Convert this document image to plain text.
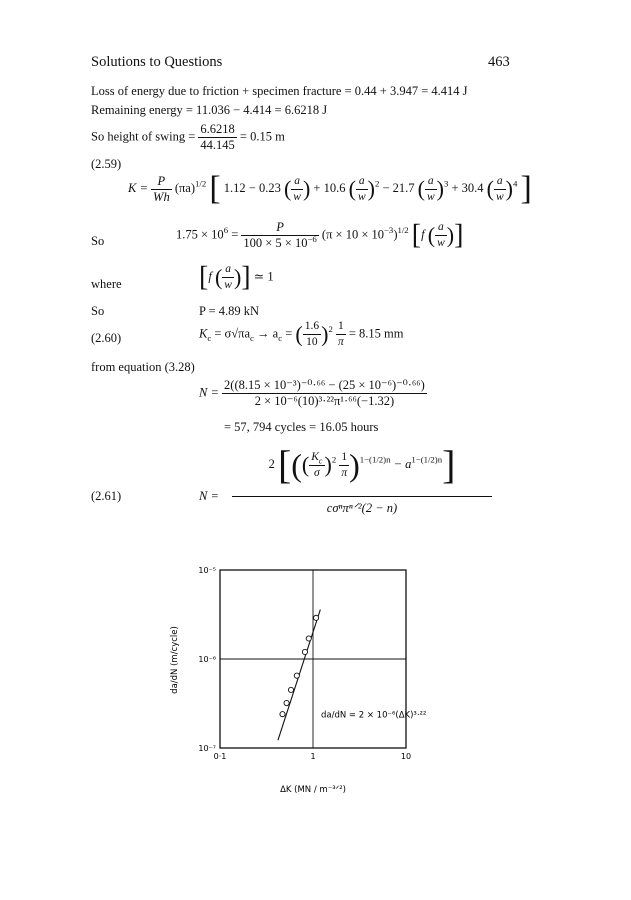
Solutions to Questions	463
Loss of energy due to friction + specimen fracture = 0.44 + 3.947 = 4.414 J
Remaining energy = 11.036 − 4.414 = 6.6218 J
So height of swing = $\frac{6.6218}{44.145} = 0.15$ m
(2.59)
$K = \frac{P}{Wh} (\pi a)^{1/2}$ [ 1.12 − 0.23 ( $\frac{a}{w}$ ) + 10.6 ( $\frac{a}{w} )^2 - 21.7$ ( $\frac{a}{w} )^3 + 30.4$ ( $\frac{a}{w} )^4$ ]
So	$1.75 \times 10^6 = \frac{P}{100 \times 5 \times 10^{-6}} (\pi \times 10 \times 10^{-3})^{1/2}$ [f ( $\frac{a}{w}$ )]
where	[f ( $\frac{a}{w}$ )] ≃ 1
So	P = 4.89 kN
(2.60)	$K_c = \sigma√\pi a_c \to a_c$ = ( $\frac{1.6}{10} )^2 \frac{1}{\pi} = 8.15$ mm
from equation (3.28)
$N = \frac{\text{2((8.15 × 10⁻³)⁻⁰·⁶⁶ − (25 × 10⁻⁶)⁻⁰·⁶⁶)}}{\text{2 × 10⁻⁶(10)³·²²π¹·⁶⁶(−1.32)}}$
= 57, 794 cycles = 16.05 hours
(2.61)	N =
2 [(( $\frac{K_c}{\sigma} )^2 \frac{1}{\pi} )^{1-(1/2)n} - a^{1-(1/2)n}$]
cσⁿπⁿᐟ²(2 − n)
0·1	1	10
10⁻⁵
10⁻⁶
10⁻⁷
da/dN = 2 × 10⁻⁶(ΔK)³·²²
ΔK (MN / m⁻³ᐟ²)
da/dN (m/cycle)
